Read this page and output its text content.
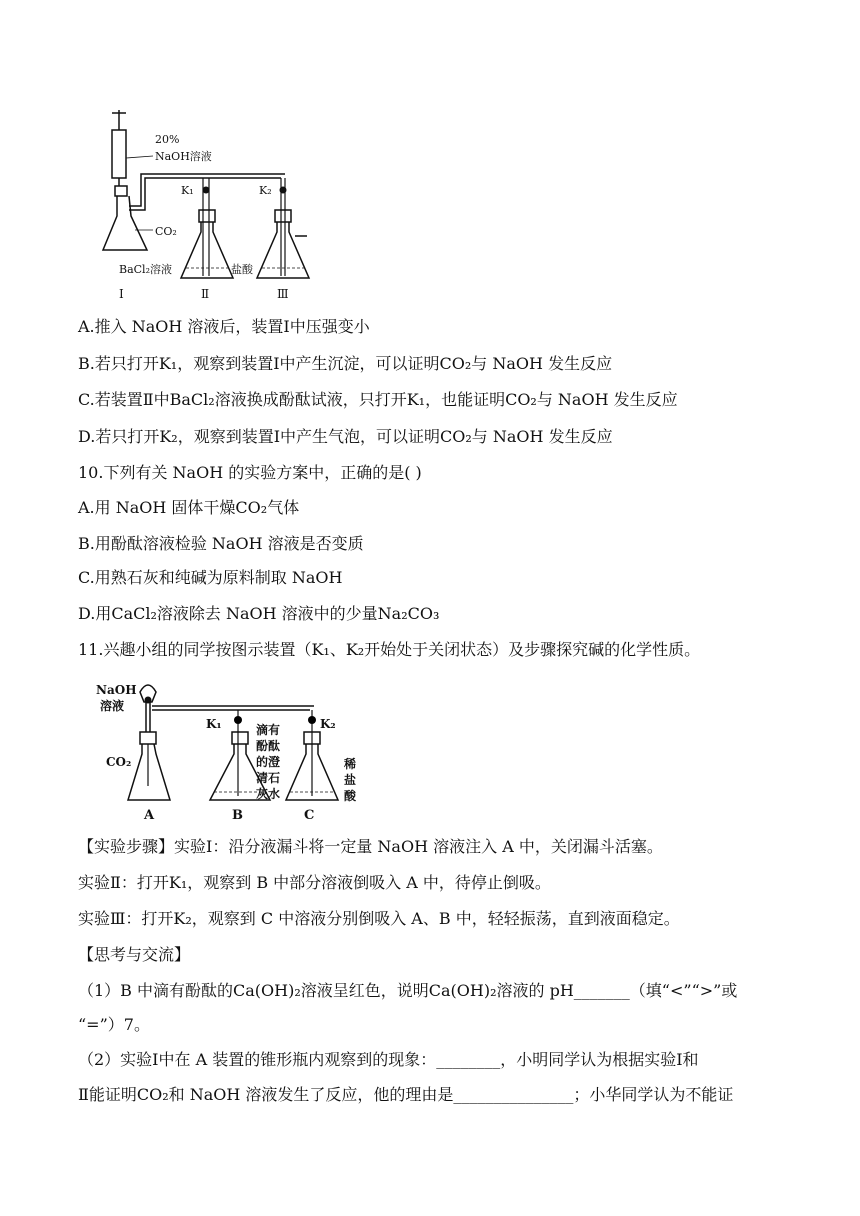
20%
NaOH溶液
CO₂
K₁	K₂
BaCl₂溶液	盐酸
Ⅰ	Ⅱ	Ⅲ
A.推入 NaOH 溶液后，装置Ⅰ中压强变小
B.若只打开K₁，观察到装置Ⅰ中产生沉淀，可以证明CO₂与 NaOH 发生反应
C.若装置Ⅱ中BaCl₂溶液换成酚酞试液，只打开K₁，也能证明CO₂与 NaOH 发生反应
D.若只打开K₂，观察到装置Ⅰ中产生气泡，可以证明CO₂与 NaOH 发生反应
10.下列有关 NaOH 的实验方案中，正确的是( )
A.用 NaOH 固体干燥CO₂气体
B.用酚酞溶液检验 NaOH 溶液是否变质
C.用熟石灰和纯碱为原料制取 NaOH
D.用CaCl₂溶液除去 NaOH 溶液中的少量Na₂CO₃
11.兴趣小组的同学按图示装置（K₁、K₂开始处于关闭状态）及步骤探究碱的化学性质。
NaOH
溶液
CO₂
K₁	K₂
滴有
酚酞
的澄
清石
灰水
稀
盐
酸
A	B	C
【实验步骤】实验Ⅰ：沿分液漏斗将一定量 NaOH 溶液注入 A 中，关闭漏斗活塞。
实验Ⅱ：打开K₁，观察到 B 中部分溶液倒吸入 A 中，待停止倒吸。
实验Ⅲ：打开K₂，观察到 C 中溶液分别倒吸入 A、B 中，轻轻振荡，直到液面稳定。
【思考与交流】
（1）B 中滴有酚酞的Ca(OH)₂溶液呈红色，说明Ca(OH)₂溶液的 pH_______（填“<”“>”或
“=”）7。
（2）实验Ⅰ中在 A 装置的锥形瓶内观察到的现象：________，小明同学认为根据实验Ⅰ和
Ⅱ能证明CO₂和 NaOH 溶液发生了反应，他的理由是_______________；小华同学认为不能证
